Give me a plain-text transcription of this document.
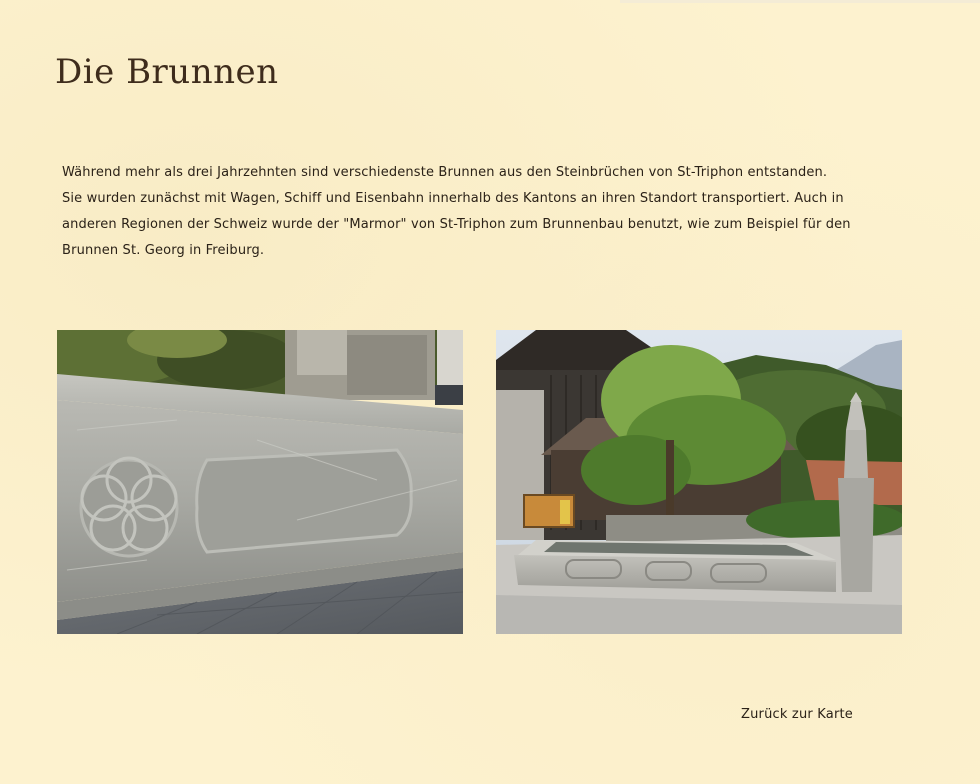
Die Brunnen

Während mehr als drei Jahrzehnten sind verschiedenste Brunnen aus den Steinbrüchen von St-Triphon entstanden.

Sie wurden zunächst mit Wagen, Schiff und Eisenbahn innerhalb des Kantons an ihren Standort transportiert. Auch in

anderen Regionen der Schweiz wurde der "Marmor" von St-Triphon zum Brunnenbau benutzt, wie zum Beispiel für den

Brunnen St. Georg in Freiburg.

Zurück zur Karte
